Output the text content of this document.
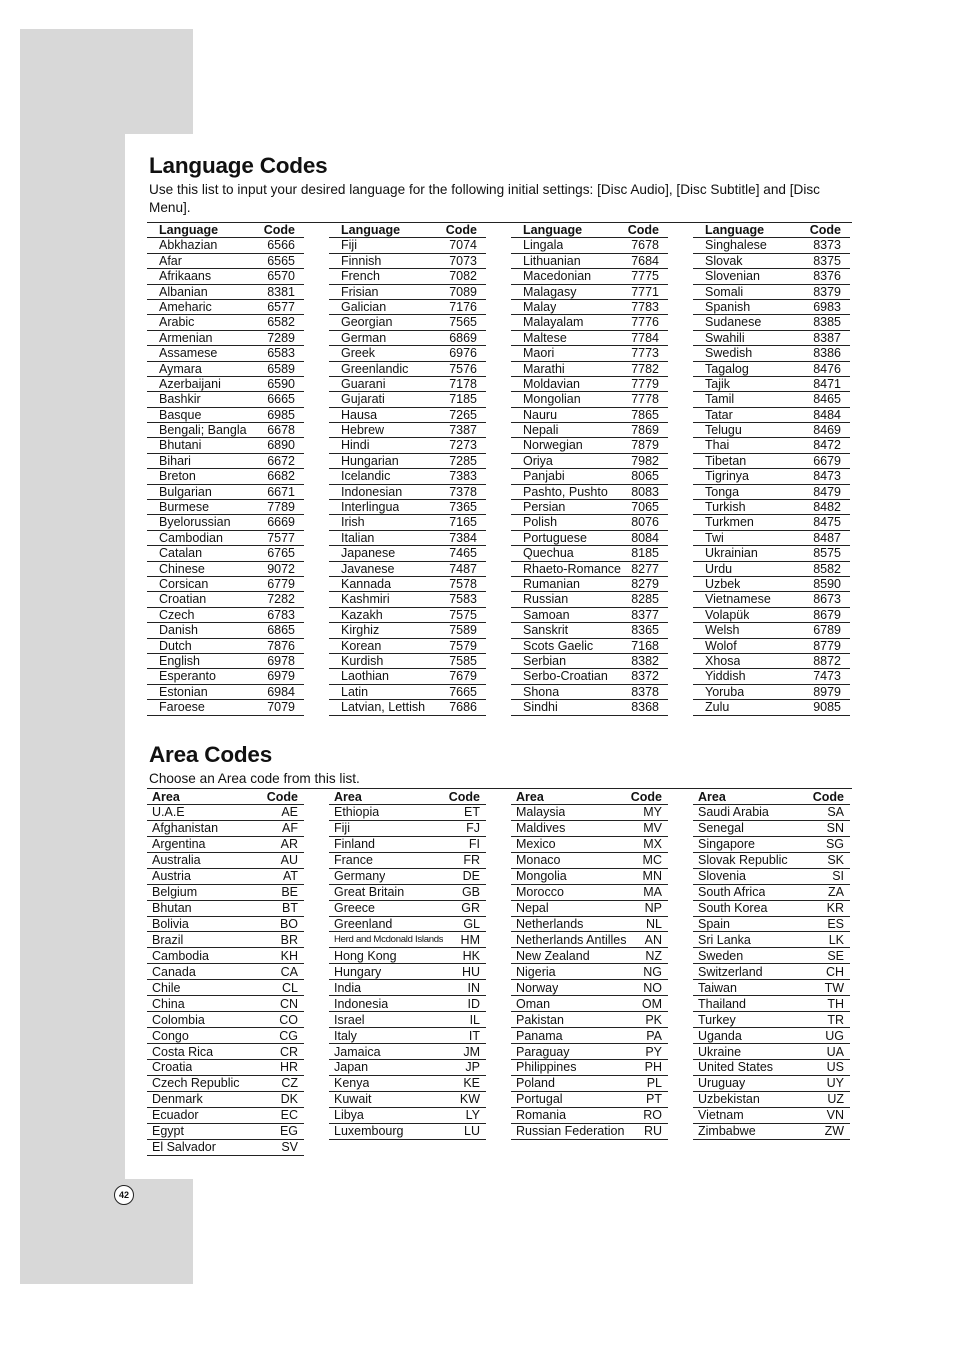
Language Codes

Use this list to input your desired language for the following initial settings: [Disc Audio], [Disc Subtitle] and [Disc Menu].

Language	Code
Abkhazian	6566
Afar	6565
Afrikaans	6570
Albanian	8381
Ameharic	6577
Arabic	6582
Armenian	7289
Assamese	6583
Aymara	6589
Azerbaijani	6590
Bashkir	6665
Basque	6985
Bengali; Bangla 6678
Bhutani	6890
Bihari	6672
Breton	6682
Bulgarian	6671
Burmese	7789
Byelorussian	6669
Cambodian	7577
Catalan	6765
Chinese	9072
Corsican	6779
Croatian	7282
Czech	6783
Danish	6865
Dutch	7876
English	6978
Esperanto	6979
Estonian	6984
Faroese	7079
Language	Code
Fiji	7074
Finnish	7073
French	7082
Frisian	7089
Galician	7176
Georgian	7565
German	6869
Greek	6976
Greenlandic	7576
Guarani	7178
Gujarati	7185
Hausa	7265
Hebrew	7387
Hindi	7273
Hungarian	7285
Icelandic	7383
Indonesian	7378
Interlingua	7365
Irish	7165
Italian	7384
Japanese	7465
Javanese	7487
Kannada	7578
Kashmiri	7583
Kazakh	7575
Kirghiz	7589
Korean	7579
Kurdish	7585
Laothian	7679
Latin	7665
Latvian, Lettish 7686
Language	Code
Lingala	7678
Lithuanian	7684
Macedonian	7775
Malagasy	7771
Malay	7783
Malayalam	7776
Maltese	7784
Maori	7773
Marathi	7782
Moldavian	7779
Mongolian	7778
Nauru	7865
Nepali	7869
Norwegian	7879
Oriya	7982
Panjabi	8065
Pashto, Pushto 8083
Persian	7065
Polish	8076
Portuguese	8084
Quechua	8185
Rhaeto-Romance 8277
Rumanian	8279
Russian	8285
Samoan	8377
Sanskrit	8365
Scots Gaelic	7168
Serbian	8382
Serbo-Croatian 8372
Shona	8378
Sindhi	8368
Language	Code
Singhalese	8373
Slovak	8375
Slovenian	8376
Somali	8379
Spanish	6983
Sudanese	8385
Swahili	8387
Swedish	8386
Tagalog	8476
Tajik	8471
Tamil	8465
Tatar	8484
Telugu	8469
Thai	8472
Tibetan	6679
Tigrinya	8473
Tonga	8479
Turkish	8482
Turkmen	8475
Twi	8487
Ukrainian	8575
Urdu	8582
Uzbek	8590
Vietnamese	8673
Volapük	8679
Welsh	6789
Wolof	8779
Xhosa	8872
Yiddish	7473
Yoruba	8979
Zulu	9085
Area Codes

Choose an Area code from this list.

Area	Code
U.A.E	AE
Afghanistan	AF
Argentina	AR
Australia	AU
Austria	AT
Belgium	BE
Bhutan	BT
Bolivia	BO
Brazil	BR
Cambodia	KH
Canada	CA
Chile	CL
China	CN
Colombia	CO
Congo	CG
Costa Rica	CR
Croatia	HR
Czech Republic	CZ
Denmark	DK
Ecuador	EC
Egypt	EG
El Salvador	SV
Area	Code
Ethiopia	ET
Fiji	FJ
Finland	FI
France	FR
Germany	DE
Great Britain	GB
Greece	GR
Greenland	GL
Herd and Mcdonald Islands HM
Hong Kong	HK
Hungary	HU
India	IN
Indonesia	ID
Israel	IL
Italy	IT
Jamaica	JM
Japan	JP
Kenya	KE
Kuwait	KW
Libya	LY
Luxembourg	LU
Area	Code
Malaysia	MY
Maldives	MV
Mexico	MX
Monaco	MC
Mongolia	MN
Morocco	MA
Nepal	NP
Netherlands	NL
Netherlands Antilles AN
New Zealand	NZ
Nigeria	NG
Norway	NO
Oman	OM
Pakistan	PK
Panama	PA
Paraguay	PY
Philippines	PH
Poland	PL
Portugal	PT
Romania	RO
Russian Federation RU
Area	Code
Saudi Arabia	SA
Senegal	SN
Singapore	SG
Slovak Republic	SK
Slovenia	SI
South Africa	ZA
South Korea	KR
Spain	ES
Sri Lanka	LK
Sweden	SE
Switzerland	CH
Taiwan	TW
Thailand	TH
Turkey	TR
Uganda	UG
Ukraine	UA
United States	US
Uruguay	UY
Uzbekistan	UZ
Vietnam	VN
Zimbabwe	ZW
42
